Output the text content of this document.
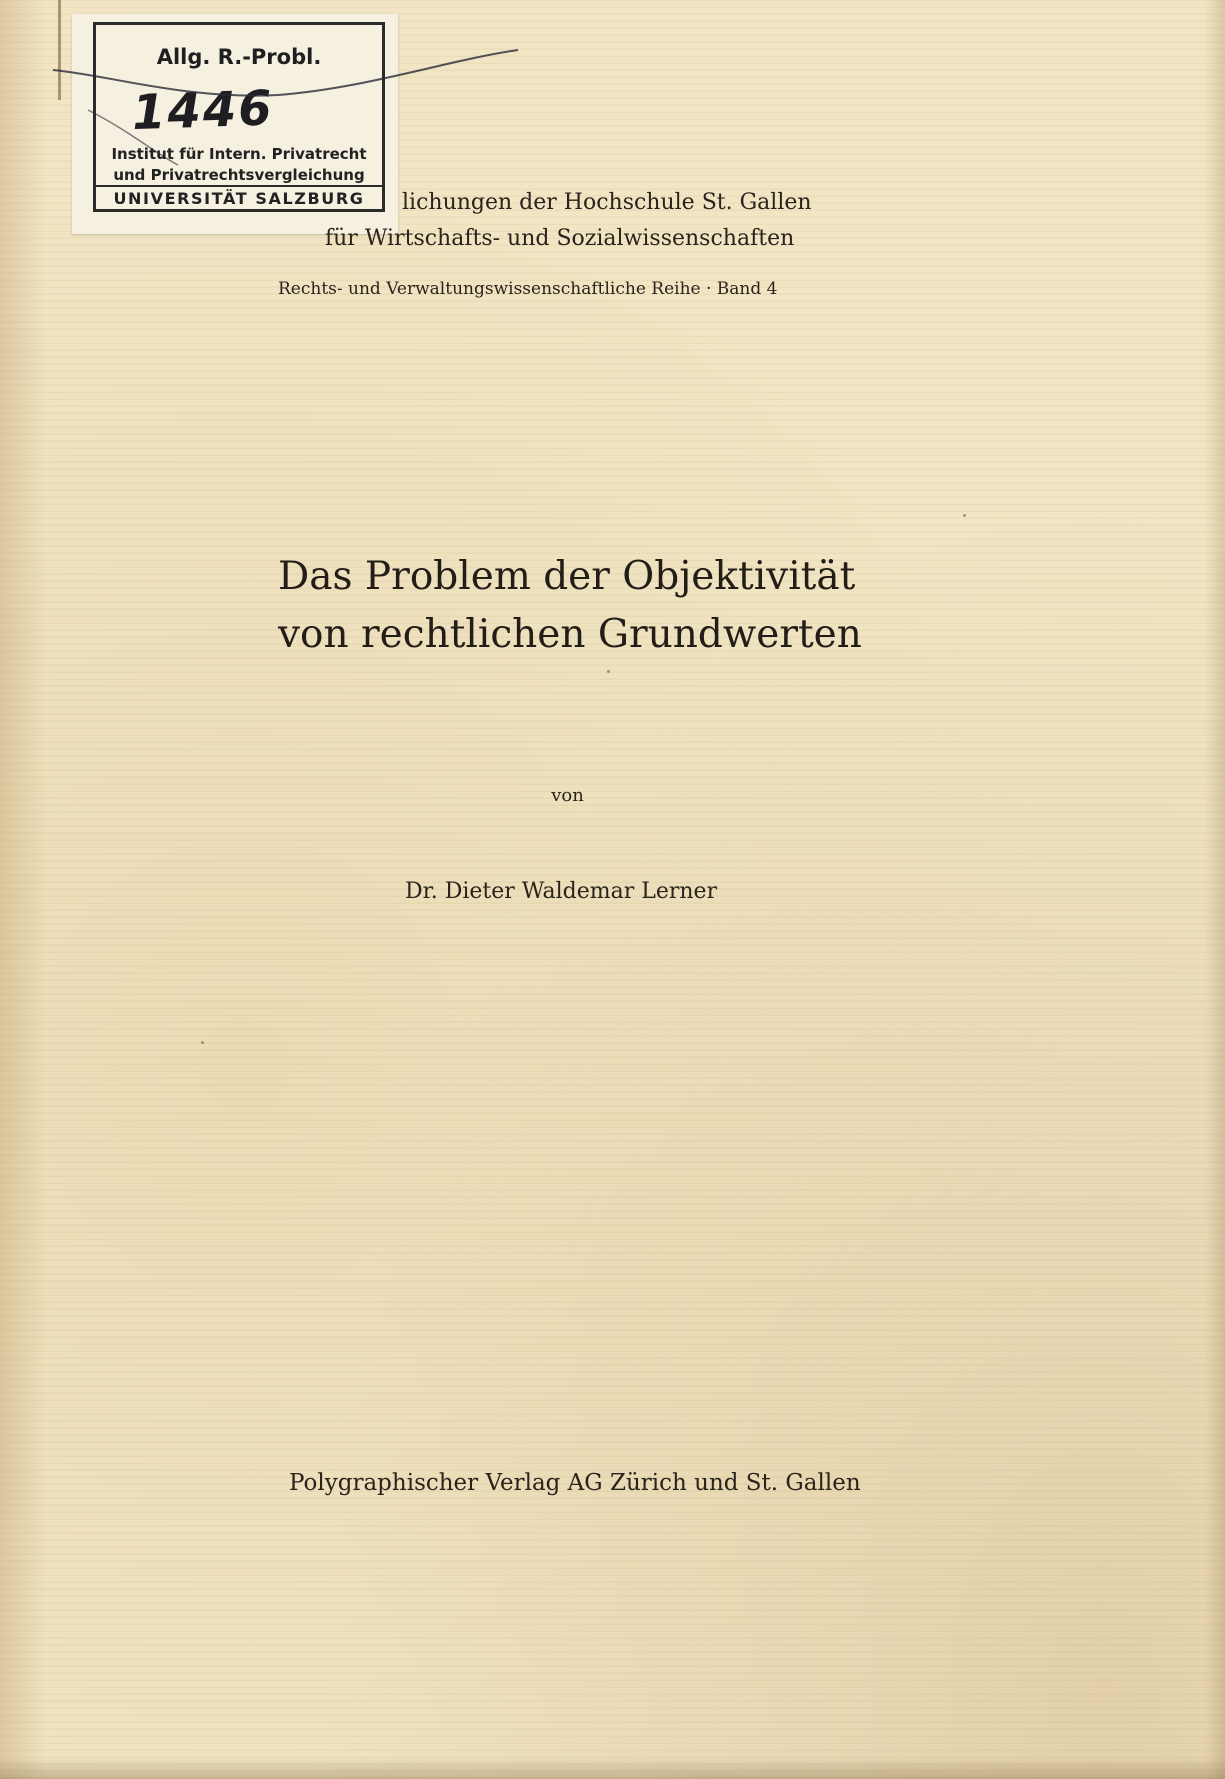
Allg. R.-Probl.
1446
Institut für Intern. Privatrecht
und Privatrechtsvergleichung
UNIVERSITÄT SALZBURG	lichungen der Hochschule St. Gallen
für Wirtschafts- und Sozialwissenschaften
Rechts- und Verwaltungswissenschaftliche Reihe · Band 4
Das Problem der Objektivität
von rechtlichen Grundwerten
von
Dr. Dieter Waldemar Lerner
Polygraphischer Verlag AG Zürich und St. Gallen
